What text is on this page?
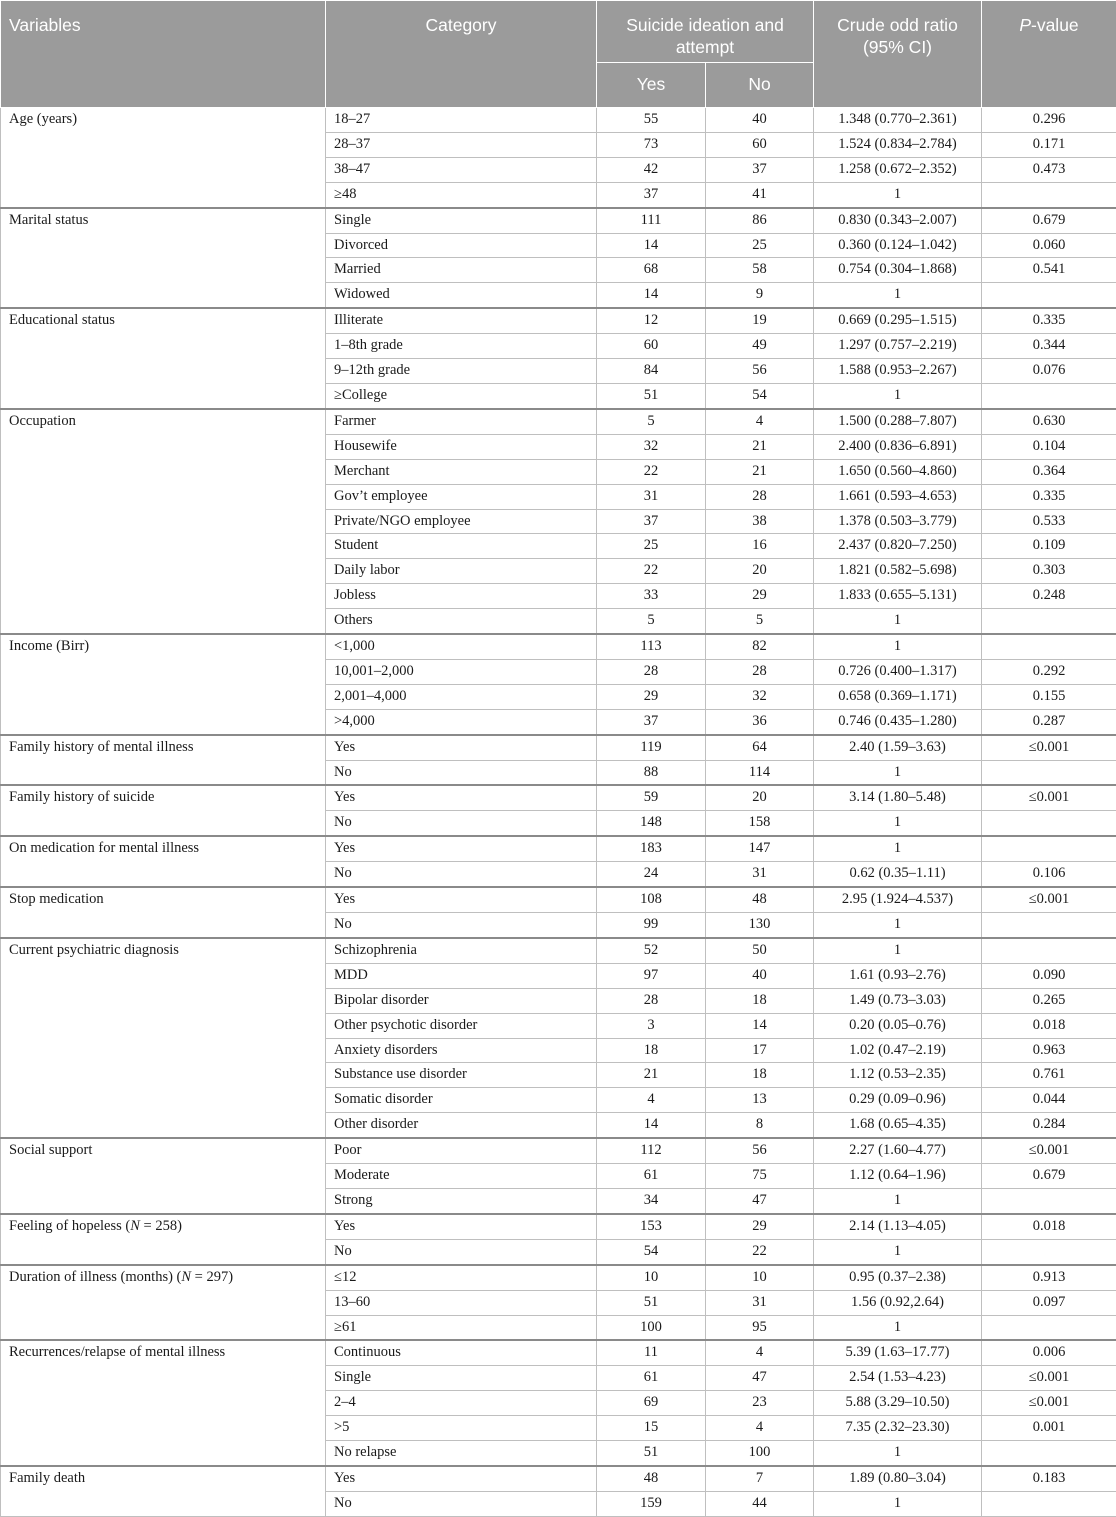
Variables	Category	Suicide ideation and attempt		Crude odd ratio (95% CI)	P-value
		Yes	No		
Age (years)	18–27	55	40	1.348 (0.770–2.361)	0.296
	28–37	73	60	1.524 (0.834–2.784)	0.171
	38–47	42	37	1.258 (0.672–2.352)	0.473
	≥48	37	41	1	
Marital status	Single	111	86	0.830 (0.343–2.007)	0.679
	Divorced	14	25	0.360 (0.124–1.042)	0.060
	Married	68	58	0.754 (0.304–1.868)	0.541
	Widowed	14	9	1	
Educational status	Illiterate	12	19	0.669 (0.295–1.515)	0.335
	1–8th grade	60	49	1.297 (0.757–2.219)	0.344
	9–12th grade	84	56	1.588 (0.953–2.267)	0.076
	≥College	51	54	1	
Occupation	Farmer	5	4	1.500 (0.288–7.807)	0.630
	Housewife	32	21	2.400 (0.836–6.891)	0.104
	Merchant	22	21	1.650 (0.560–4.860)	0.364
	Gov’t employee	31	28	1.661 (0.593–4.653)	0.335
	Private/NGO employee	37	38	1.378 (0.503–3.779)	0.533
	Student	25	16	2.437 (0.820–7.250)	0.109
	Daily labor	22	20	1.821 (0.582–5.698)	0.303
	Jobless	33	29	1.833 (0.655–5.131)	0.248
	Others	5	5	1	
Income (Birr)	<1,000	113	82	1	
	10,001–2,000	28	28	0.726 (0.400–1.317)	0.292
	2,001–4,000	29	32	0.658 (0.369–1.171)	0.155
	>4,000	37	36	0.746 (0.435–1.280)	0.287
Family history of mental illness	Yes	119	64	2.40 (1.59–3.63)	≤0.001
	No	88	114	1	
Family history of suicide	Yes	59	20	3.14 (1.80–5.48)	≤0.001
	No	148	158	1	
On medication for mental illness	Yes	183	147	1	
	No	24	31	0.62 (0.35–1.11)	0.106
Stop medication	Yes	108	48	2.95 (1.924–4.537)	≤0.001
	No	99	130	1	
Current psychiatric diagnosis	Schizophrenia	52	50	1	
	MDD	97	40	1.61 (0.93–2.76)	0.090
	Bipolar disorder	28	18	1.49 (0.73–3.03)	0.265
	Other psychotic disorder	3	14	0.20 (0.05–0.76)	0.018
	Anxiety disorders	18	17	1.02 (0.47–2.19)	0.963
	Substance use disorder	21	18	1.12 (0.53–2.35)	0.761
	Somatic disorder	4	13	0.29 (0.09–0.96)	0.044
	Other disorder	14	8	1.68 (0.65–4.35)	0.284
Social support	Poor	112	56	2.27 (1.60–4.77)	≤0.001
	Moderate	61	75	1.12 (0.64–1.96)	0.679
	Strong	34	47	1	
Feeling of hopeless (N = 258)	Yes	153	29	2.14 (1.13–4.05)	0.018
	No	54	22	1	
Duration of illness (months) (N = 297)	≤12	10	10	0.95 (0.37–2.38)	0.913
	13–60	51	31	1.56 (0.92,2.64)	0.097
	≥61	100	95	1	
Recurrences/relapse of mental illness	Continuous	11	4	5.39 (1.63–17.77)	0.006
	Single	61	47	2.54 (1.53–4.23)	≤0.001
	2–4	69	23	5.88 (3.29–10.50)	≤0.001
	>5	15	4	7.35 (2.32–23.30)	0.001
	No relapse	51	100	1	
Family death	Yes	48	7	1.89 (0.80–3.04)	0.183
	No	159	44	1	
